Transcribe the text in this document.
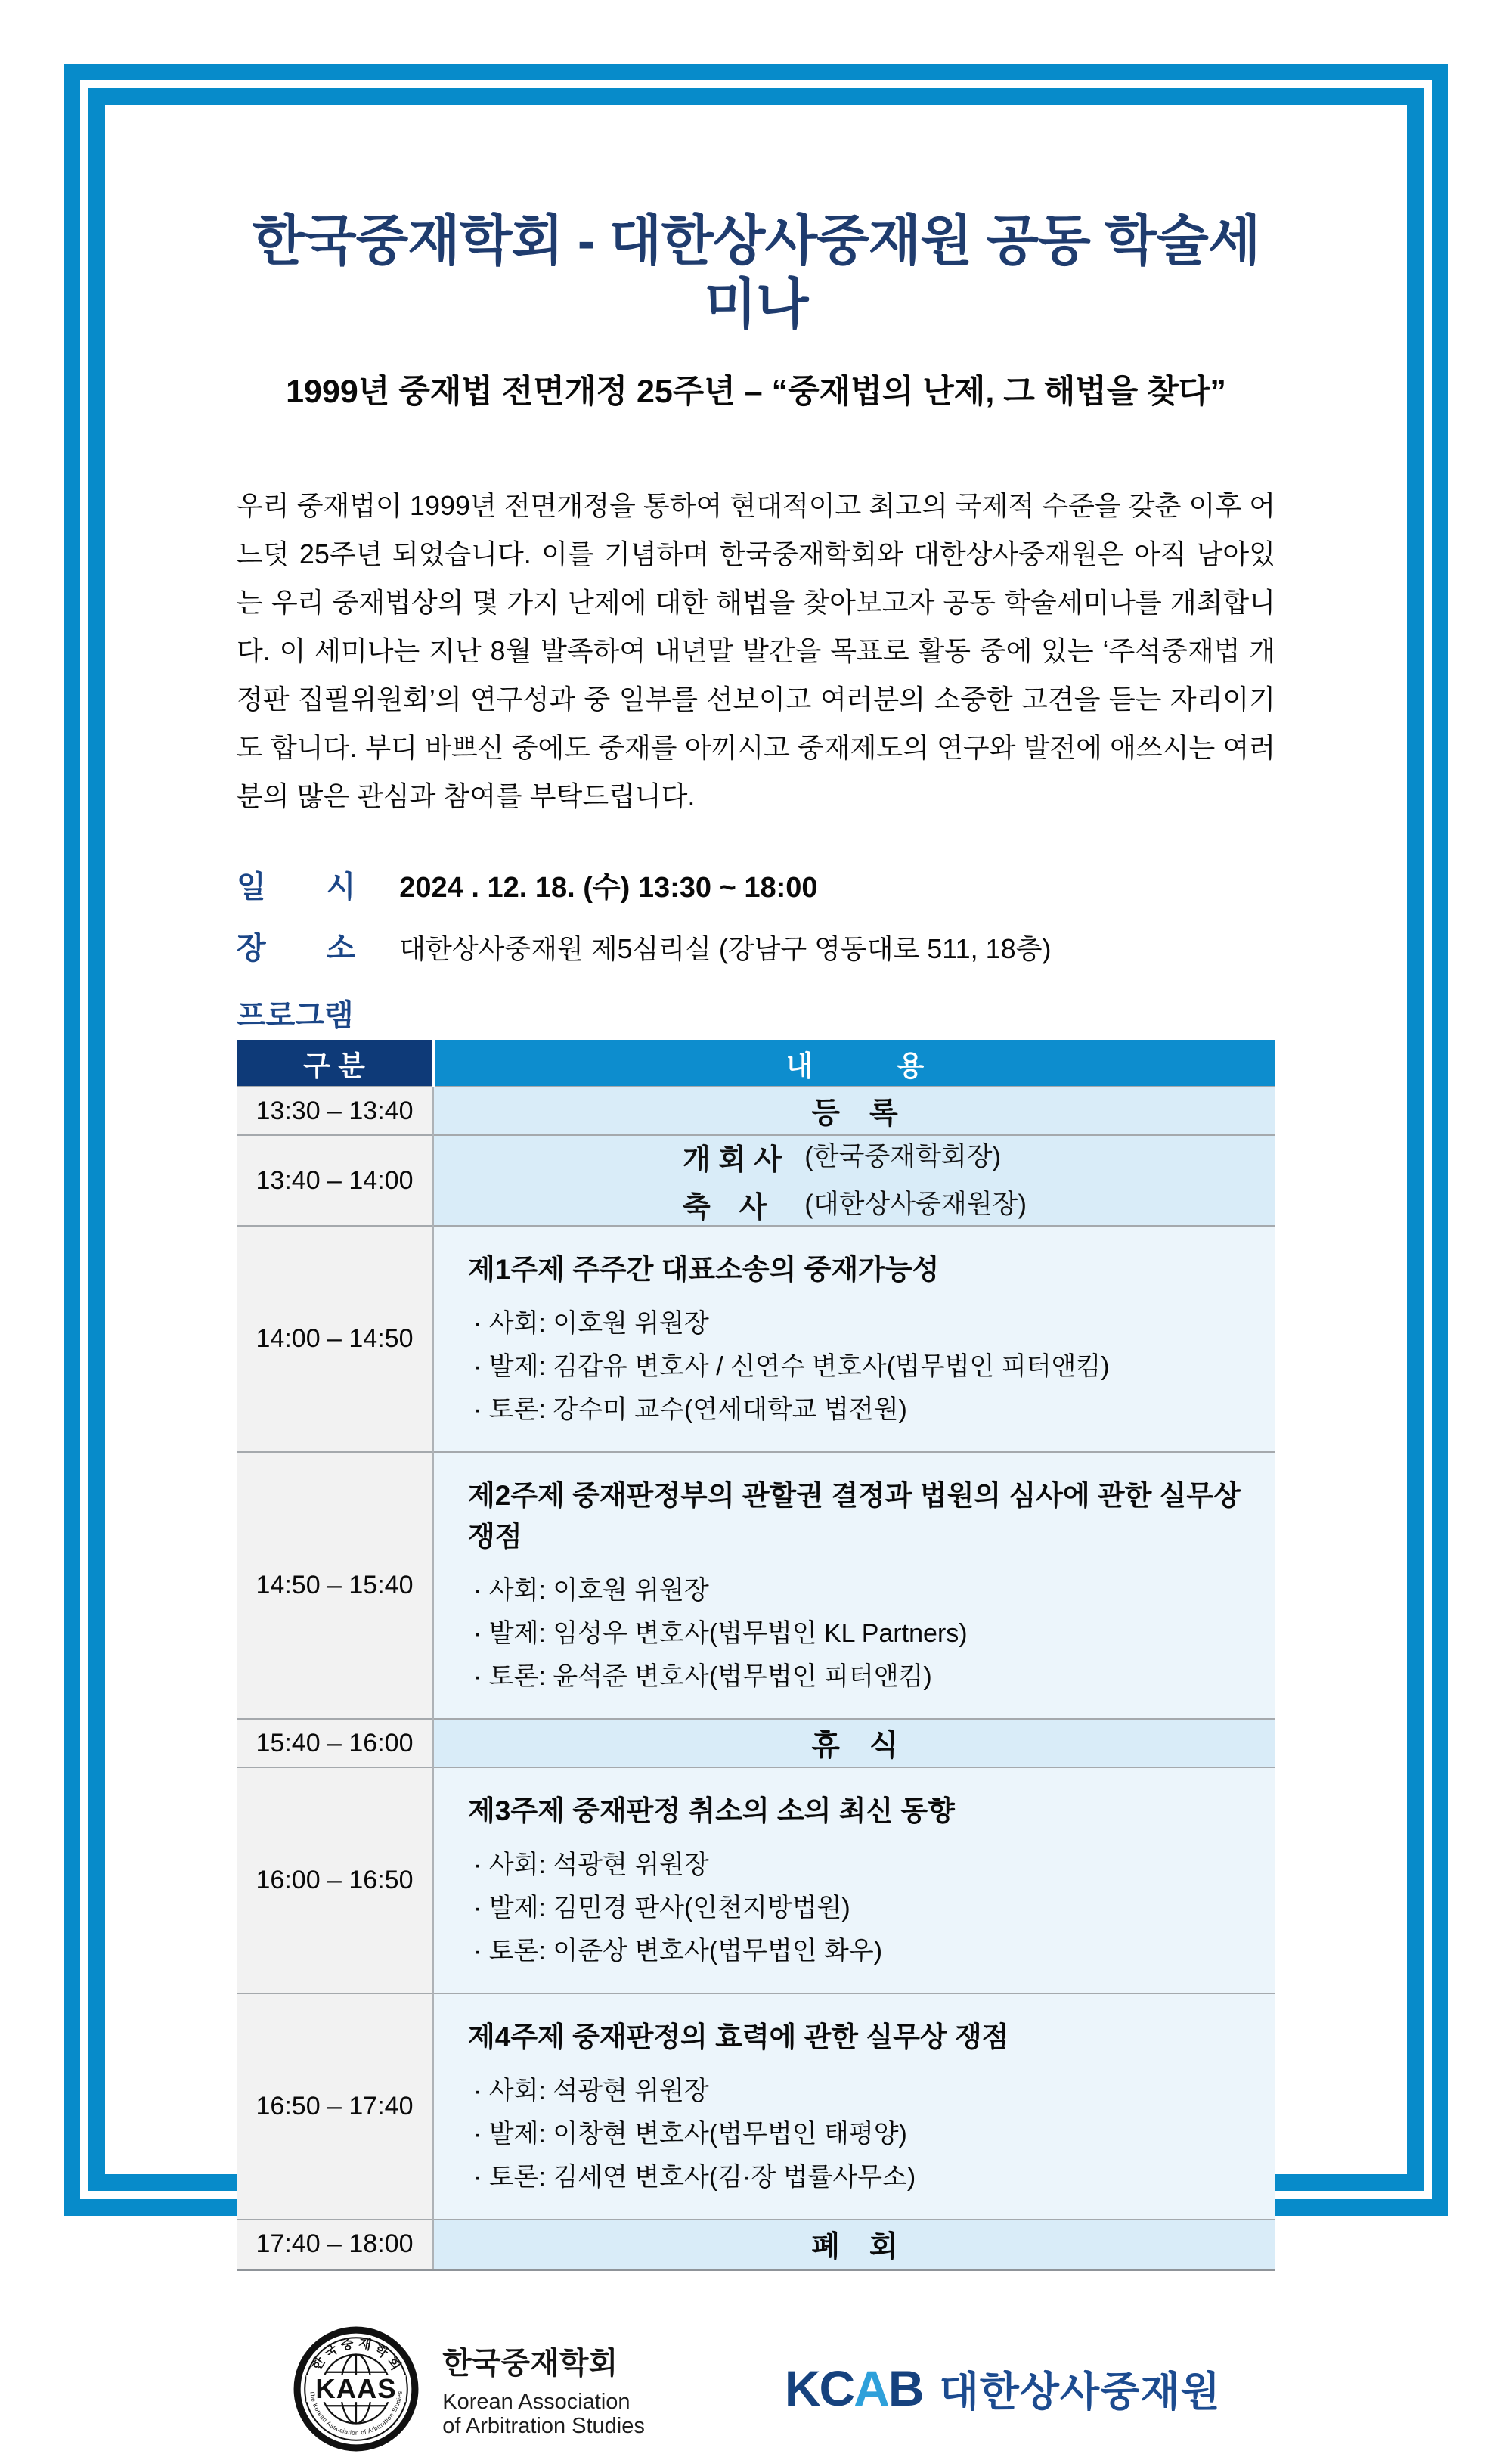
한국중재학회 - 대한상사중재원 공동 학술세미나
1999년 중재법 전면개정 25주년 – “중재법의 난제, 그 해법을 찾다”

우리 중재법이 1999년 전면개정을 통하여 현대적이고 최고의 국제적 수준을 갖춘 이후 어느덧 25주년 되었습니다. 이를 기념하며 한국중재학회와 대한상사중재원은 아직 남아있는 우리 중재법상의 몇 가지 난제에 대한 해법을 찾아보고자 공동 학술세미나를 개최합니다. 이 세미나는 지난 8월 발족하여 내년말 발간을 목표로 활동 중에 있는 ‘주석중재법 개정판 집필위원회’의 연구성과 중 일부를 선보이고 여러분의 소중한 고견을 듣는 자리이기도 합니다. 부디 바쁘신 중에도 중재를 아끼시고 중재제도의 연구와 발전에 애쓰시는 여러분의 많은 관심과 참여를 부탁드립니다.

일　　시 2024 . 12. 18. (수) 13:30 ~ 18:00
장　　소 대한상사중재원 제5심리실 (강남구 영동대로 511, 18층)
프로그램
구 분	내　　　용
13:30 – 13:40	등　록
13:40 – 14:00	개 회 사 (한국중재학회장)
축　사 (대한상사중재원장)

14:00 – 14:50	제1주제 주주간 대표소송의 중재가능성
· 사회: 이호원 위원장
· 발제: 김갑유 변호사 / 신연수 변호사(법무법인 피터앤킴)
· 토론: 강수미 교수(연세대학교 법전원)

14:50 – 15:40	제2주제 중재판정부의 관할권 결정과 법원의 심사에 관한 실무상 쟁점
· 사회: 이호원 위원장
· 발제: 임성우 변호사(법무법인 KL Partners)
· 토론: 윤석준 변호사(법무법인 피터앤킴)

15:40 – 16:00	휴　식
16:00 – 16:50	제3주제 중재판정 취소의 소의 최신 동향
· 사회: 석광현 위원장
· 발제: 김민경 판사(인천지방법원)
· 토론: 이준상 변호사(법무법인 화우)

16:50 – 17:40	제4주제 중재판정의 효력에 관한 실무상 쟁점
· 사회: 석광현 위원장
· 발제: 이창현 변호사(법무법인 태평양)
· 토론: 김세연 변호사(김·장 법률사무소)

17:40 – 18:00	폐　회
KAAS
한 국 중 재 학 회
The Korean Association of Arbitration Studies
한국중재학회
Korean Association
of Arbitration Studies
KCAB 대한상사중재원
